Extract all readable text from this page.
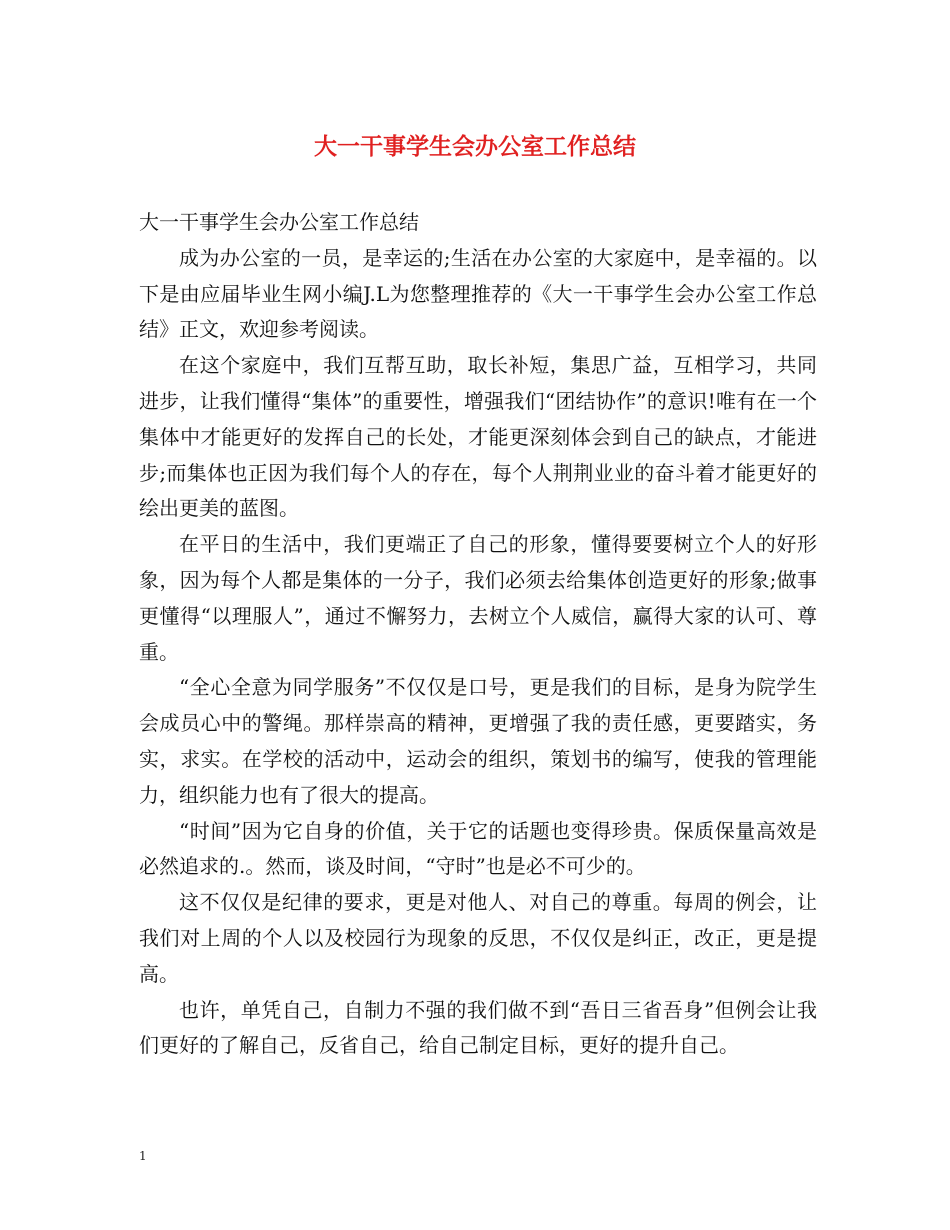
大一干事学生会办公室工作总结

大一干事学生会办公室工作总结

成为办公室的一员，是幸运的;生活在办公室的大家庭中，是幸福的。以下是由应届毕业生网小编J.L为您整理推荐的《大一干事学生会办公室工作总结》正文，欢迎参考阅读。

在这个家庭中，我们互帮互助，取长补短，集思广益，互相学习，共同进步，让我们懂得“集体”的重要性，增强我们“团结协作”的意识!唯有在一个集体中才能更好的发挥自己的长处，才能更深刻体会到自己的缺点，才能进步;而集体也正因为我们每个人的存在，每个人荆荆业业的奋斗着才能更好的绘出更美的蓝图。

在平日的生活中，我们更端正了自己的形象，懂得要要树立个人的好形象，因为每个人都是集体的一分子，我们必须去给集体创造更好的形象;做事更懂得“以理服人”，通过不懈努力，去树立个人威信，赢得大家的认可、尊重。

“全心全意为同学服务”不仅仅是口号，更是我们的目标，是身为院学生会成员心中的警绳。那样崇高的精神，更增强了我的责任感，更要踏实，务实，求实。在学校的活动中，运动会的组织，策划书的编写，使我的管理能力，组织能力也有了很大的提高。

“时间”因为它自身的价值，关于它的话题也变得珍贵。保质保量高效是必然追求的.。然而，谈及时间，“守时”也是必不可少的。

这不仅仅是纪律的要求，更是对他人、对自己的尊重。每周的例会，让我们对上周的个人以及校园行为现象的反思，不仅仅是纠正，改正，更是提高。

也许，单凭自己，自制力不强的我们做不到“吾日三省吾身”但例会让我们更好的了解自己，反省自己，给自己制定目标，更好的提升自己。

1
